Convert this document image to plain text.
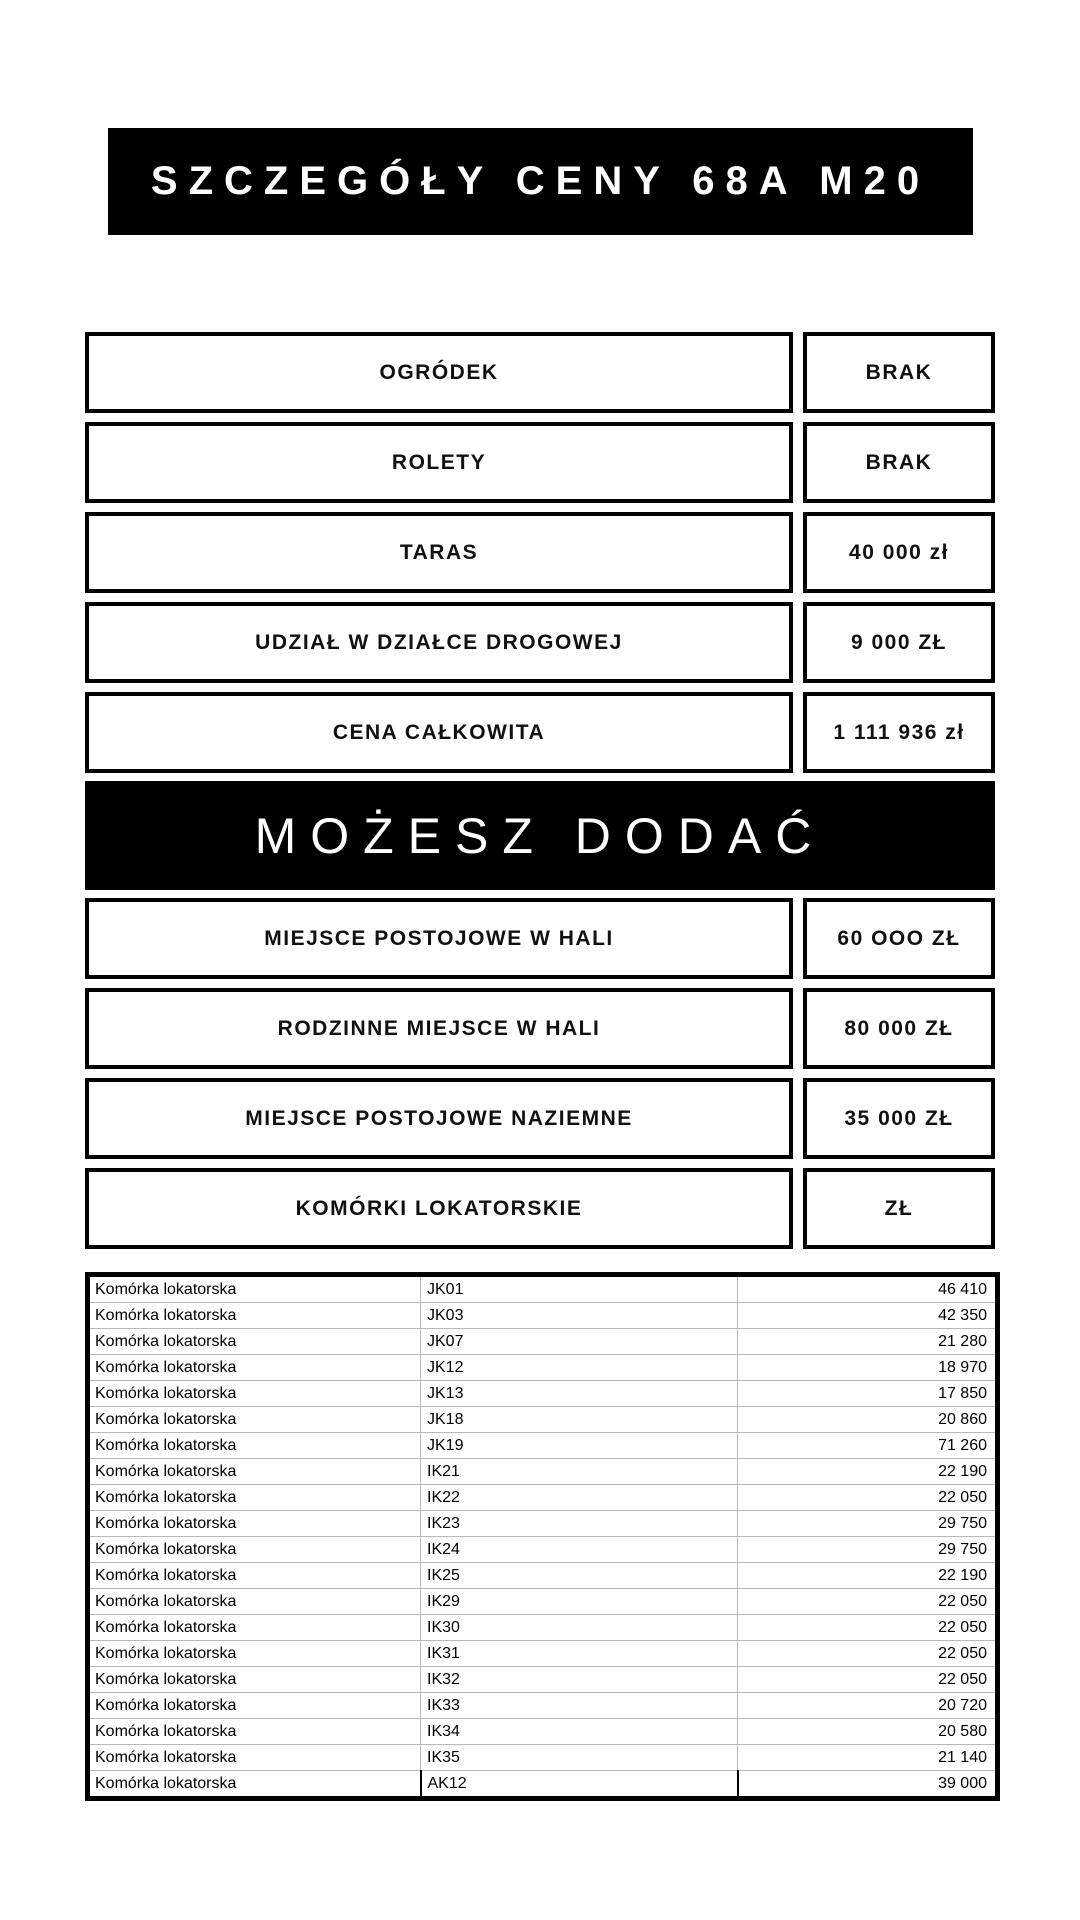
SZCZEGÓŁY CENY 68A M20
OGRÓDEK	BRAK
ROLETY	BRAK
TARAS	40 000 zł
UDZIAŁ W DZIAŁCE DROGOWEJ	9 000 ZŁ
CENA CAŁKOWITA	1 111 936 zł
MOŻESZ DODAĆ
MIEJSCE POSTOJOWE W HALI	60 OOO ZŁ
RODZINNE MIEJSCE W HALI	80 000 ZŁ
MIEJSCE POSTOJOWE NAZIEMNE	35 000 ZŁ
KOMÓRKI LOKATORSKIE	ZŁ
Komórka lokatorska	JK01	46 410
Komórka lokatorska	JK03	42 350
Komórka lokatorska	JK07	21 280
Komórka lokatorska	JK12	18 970
Komórka lokatorska	JK13	17 850
Komórka lokatorska	JK18	20 860
Komórka lokatorska	JK19	71 260
Komórka lokatorska	IK21	22 190
Komórka lokatorska	IK22	22 050
Komórka lokatorska	IK23	29 750
Komórka lokatorska	IK24	29 750
Komórka lokatorska	IK25	22 190
Komórka lokatorska	IK29	22 050
Komórka lokatorska	IK30	22 050
Komórka lokatorska	IK31	22 050
Komórka lokatorska	IK32	22 050
Komórka lokatorska	IK33	20 720
Komórka lokatorska	IK34	20 580
Komórka lokatorska	IK35	21 140
Komórka lokatorska	AK12	39 000
